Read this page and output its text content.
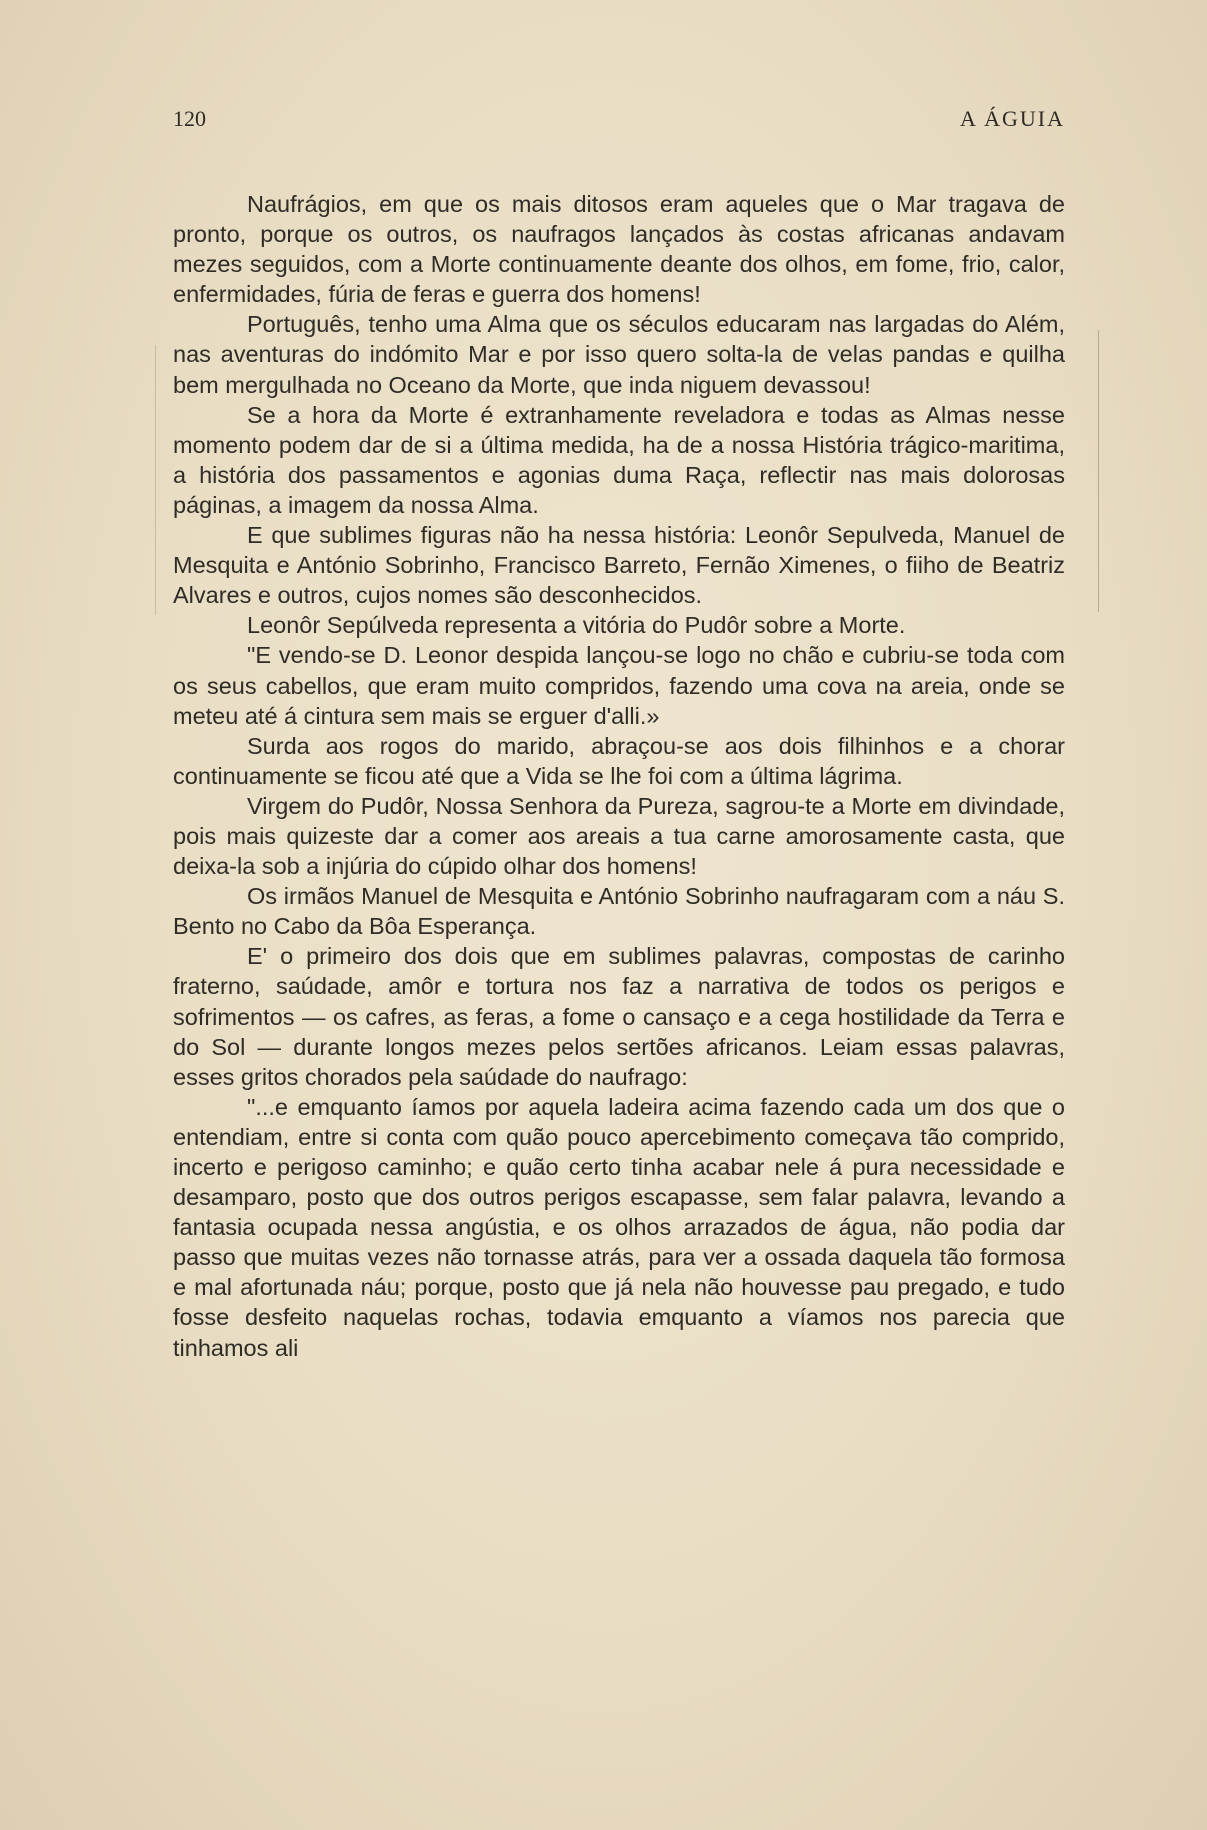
120	A ÁGUIA

Naufrágios, em que os mais ditosos eram aqueles que o Mar tragava de pronto, porque os outros, os naufragos lançados às costas africanas andavam mezes seguidos, com a Morte continuamente deante dos olhos, em fome, frio, calor, enfermidades, fúria de feras e guerra dos homens!

Português, tenho uma Alma que os séculos educaram nas largadas do Além, nas aventuras do indómito Mar e por isso quero solta-la de velas pandas e quilha bem mergulhada no Oceano da Morte, que inda niguem devassou!

Se a hora da Morte é extranhamente reveladora e todas as Almas nesse momento podem dar de si a última medida, ha de a nossa História trágico-maritima, a história dos passamentos e agonias duma Raça, reflectir nas mais dolorosas páginas, a imagem da nossa Alma.

E que sublimes figuras não ha nessa história: Leonôr Sepulveda, Manuel de Mesquita e António Sobrinho, Francisco Barreto, Fernão Ximenes, o fiiho de Beatriz Alvares e outros, cujos nomes são desconhecidos.

Leonôr Sepúlveda representa a vitória do Pudôr sobre a Morte.

"E vendo-se D. Leonor despida lançou-se logo no chão e cubriu-se toda com os seus cabellos, que eram muito compridos, fazendo uma cova na areia, onde se meteu até á cintura sem mais se erguer d'alli.»

Surda aos rogos do marido, abraçou-se aos dois filhinhos e a chorar continuamente se ficou até que a Vida se lhe foi com a última lágrima.

Virgem do Pudôr, Nossa Senhora da Pureza, sagrou-te a Morte em divindade, pois mais quizeste dar a comer aos areais a tua carne amorosamente casta, que deixa-la sob a injúria do cúpido olhar dos homens!

Os irmãos Manuel de Mesquita e António Sobrinho naufragaram com a náu S. Bento no Cabo da Bôa Esperança.

E' o primeiro dos dois que em sublimes palavras, compostas de carinho fraterno, saúdade, amôr e tortura nos faz a narrativa de todos os perigos e sofrimentos — os cafres, as feras, a fome o cansaço e a cega hostilidade da Terra e do Sol — durante longos mezes pelos sertões africanos. Leiam essas palavras, esses gritos chorados pela saúdade do naufrago:

"...e emquanto íamos por aquela ladeira acima fazendo cada um dos que o entendiam, entre si conta com quão pouco apercebimento começava tão comprido, incerto e perigoso caminho; e quão certo tinha acabar nele á pura necessidade e desamparo, posto que dos outros perigos escapasse, sem falar palavra, levando a fantasia ocupada nessa angústia, e os olhos arrazados de água, não podia dar passo que muitas vezes não tornasse atrás, para ver a ossada daquela tão formosa e mal afortunada náu; porque, posto que já nela não houvesse pau pregado, e tudo fosse desfeito naquelas rochas, todavia emquanto a víamos nos parecia que tinhamos ali
